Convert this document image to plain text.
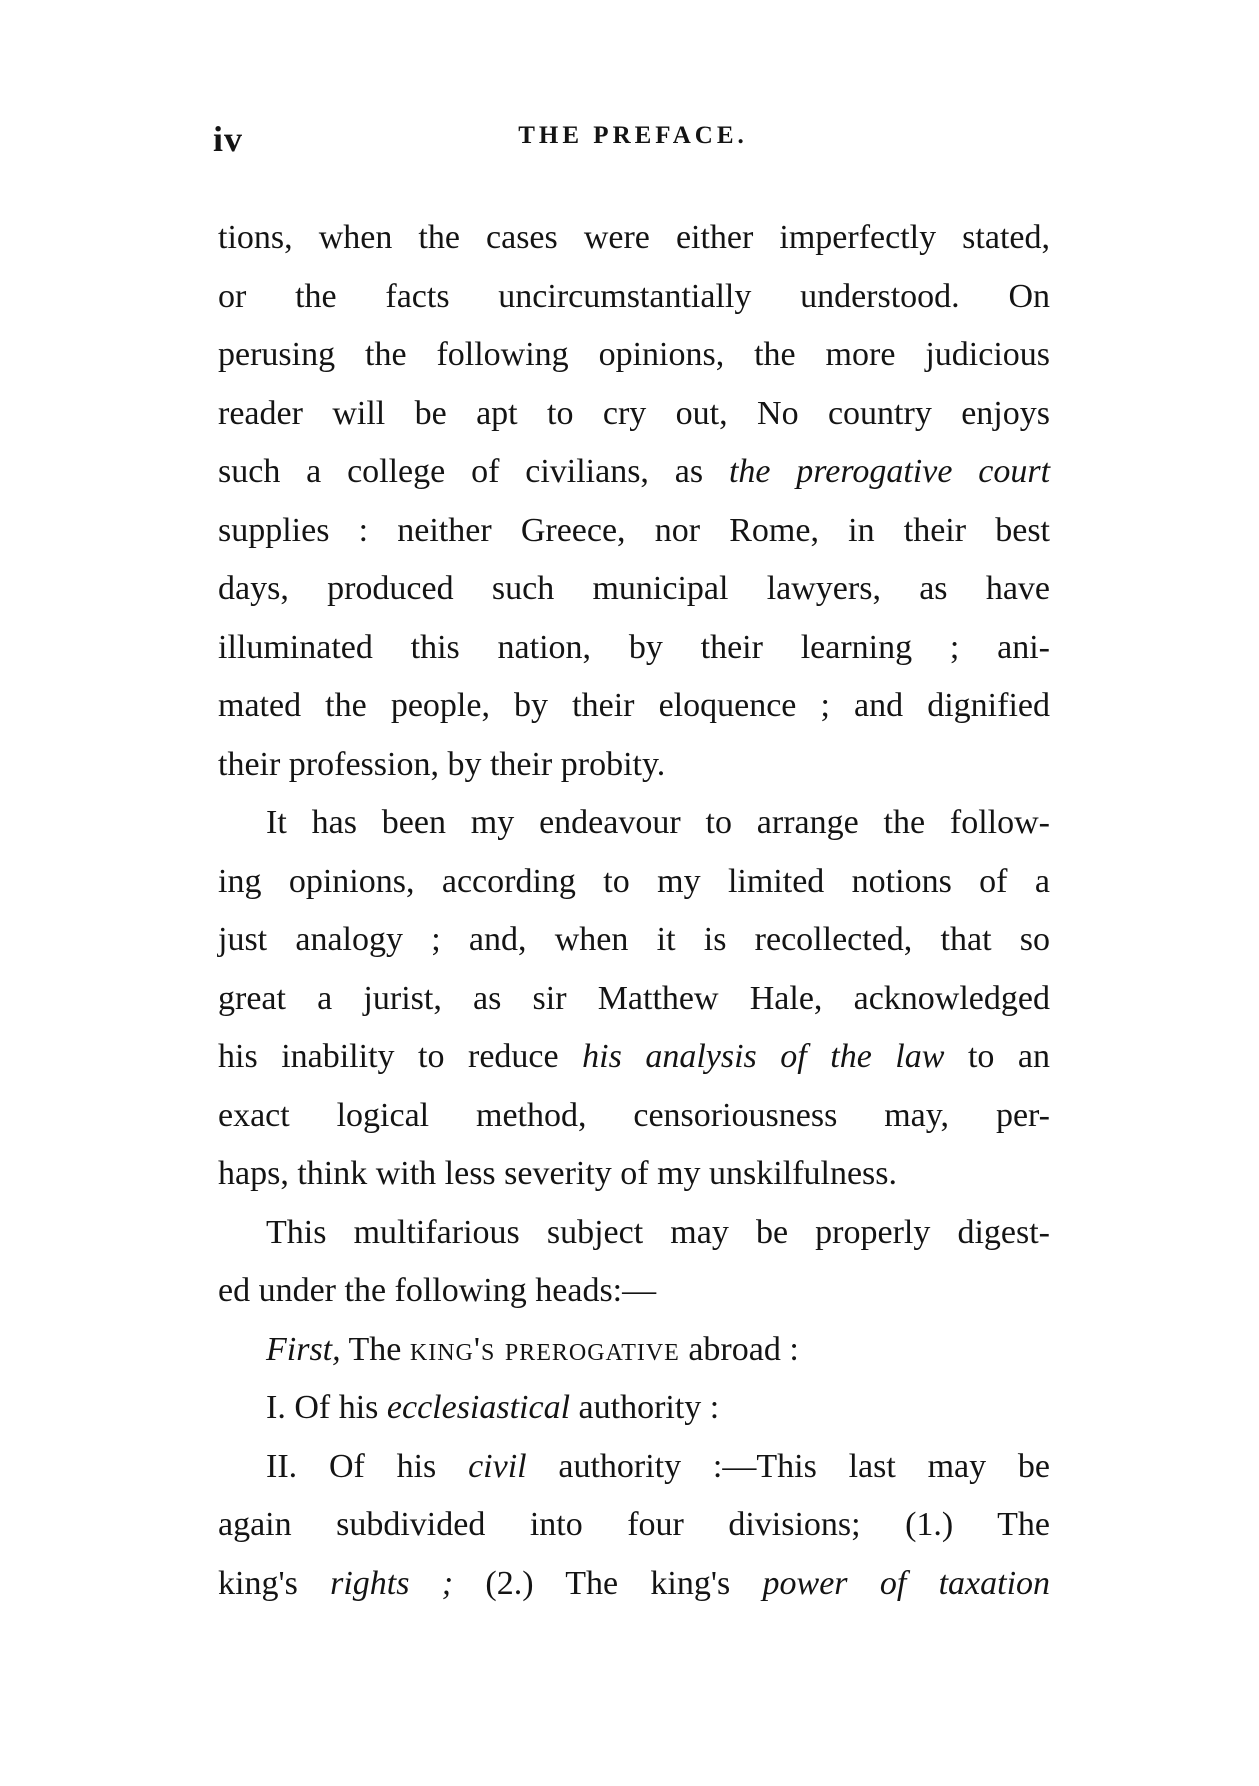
iv	THE PREFACE.
tions, when the cases were either imperfectly stated,
or the facts uncircumstantially understood. On
perusing the following opinions, the more judicious
reader will be apt to cry out, No country enjoys
such a college of civilians, as the prerogative court
supplies : neither Greece, nor Rome, in their best
days, produced such municipal lawyers, as have
illuminated this nation, by their learning ; ani-
mated the people, by their eloquence ; and dignified
their profession, by their probity.
It has been my endeavour to arrange the follow-
ing opinions, according to my limited notions of a
just analogy ; and, when it is recollected, that so
great a jurist, as sir Matthew Hale, acknowledged
his inability to reduce his analysis of the law to an
exact logical method, censoriousness may, per-
haps, think with less severity of my unskilfulness.
This multifarious subject may be properly digest-
ed under the following heads:—
First, The king's prerogative abroad :
I. Of his ecclesiastical authority :
II. Of his civil authority :—This last may be
again subdivided into four divisions; (1.) The
king's rights ; (2.) The king's power of taxation
